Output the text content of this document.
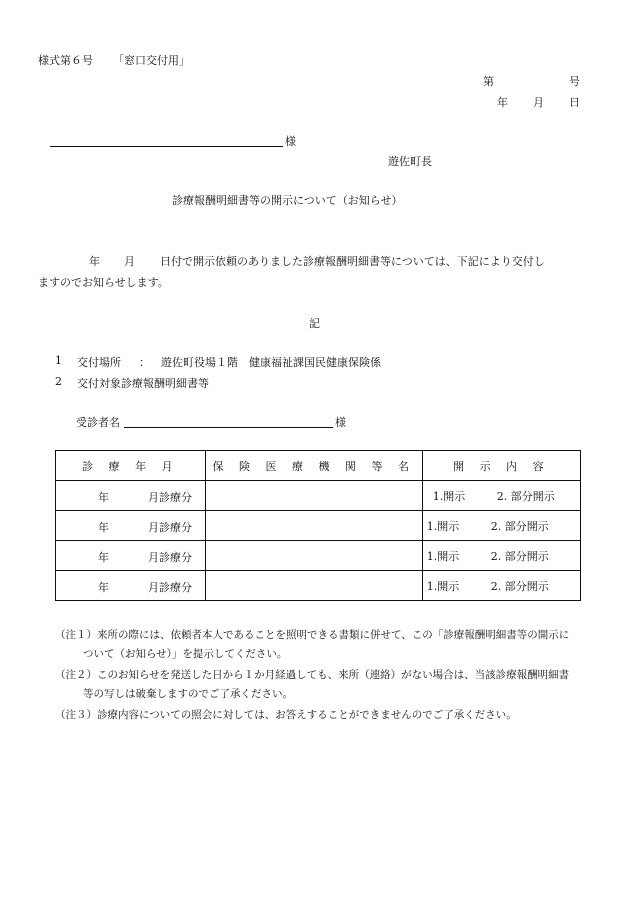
様式第６号 「窓口交付用」
第	号
年 月 日
様
遊佐町長
診療報酬明細書等の開示について（お知らせ）
年 月 日付で開示依頼のありました診療報酬明細書等については、下記により交付し
ますのでお知らせします。
記
1 交付場所 ： 遊佐町役場１階　健康福祉課国民健康保険係
2 交付対象診療報酬明細書等
受診者名	様
診 療 年 月	保 険 医 療 機 関 等 名	開 示 内 容

年 月診療分		1.開示 2. 部分開示

年 月診療分		1.開示 2. 部分開示

年 月診療分		1.開示 2. 部分開示

年 月診療分		1.開示 2. 部分開示
（注１）来所の際には、依頼者本人であることを照明できる書類に併せて、この「診療報酬明細書等の開示に
ついて（お知らせ）」を提示してください。
（注２）このお知らせを発送した日から１か月経過しても、来所（連絡）がない場合は、当該診療報酬明細書
等の写しは破棄しますのでご了承ください。
（注３）診療内容についての照会に対しては、お答えすることができませんのでご了承ください。
